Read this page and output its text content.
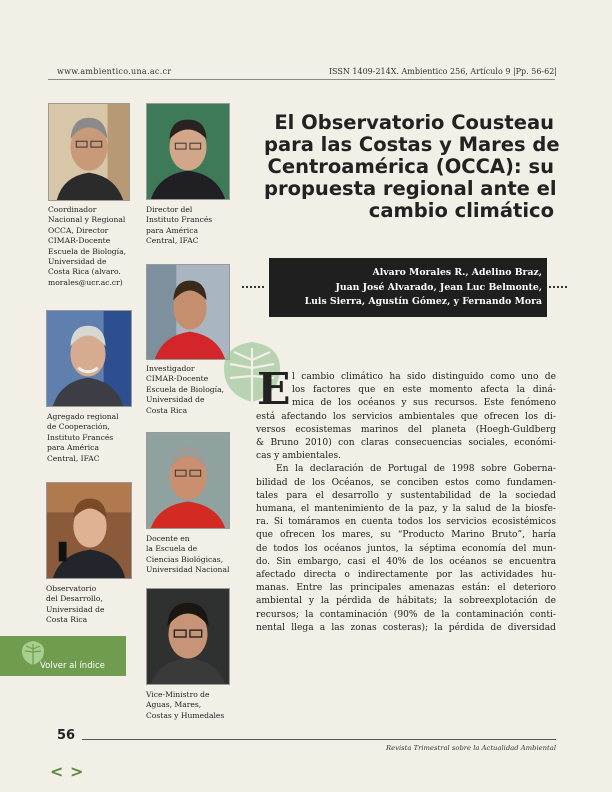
www.ambientico.una.ac.cr	ISSN 1409-214X. Ambientico 256, Artículo 9 |Pp. 56-62|
Coordinador
Nacional y Regional
OCCA, Director
CIMAR-Docente
Escuela de Biología,
Universidad de
Costa Rica (alvaro.
morales@ucr.ac.cr)
Director del
Instituto Francés
para América
Central, IFAC
Investigador
CIMAR-Docente
Escuela de Biología,
Universidad de
Costa Rica
Agregado regional
de Cooperación,
Instituto Francés
para América
Central, IFAC
Docente en
la Escuela de
Ciencias Biológicas,
Universidad Nacional
Observatorio
del Desarrollo,
Universidad de
Costa Rica
Vice-Ministro de
Aguas, Mares,
Costas y Humedales
El Observatorio Cousteau
para las Costas y Mares de
Centroamérica (OCCA): su
propuesta regional ante el
cambio climático
Alvaro Morales R., Adelino Braz,
Juan José Alvarado, Jean Luc Belmonte,
Luis Sierra, Agustín Gómez, y Fernando Mora
E l cambio climático ha sido distinguido como uno de
los factores que en este momento afecta la diná-
mica de los océanos y sus recursos. Este fenómeno
está afectando los servicios ambientales que ofrecen los di-
versos ecosistemas marinos del planeta (Hoegh-Guldberg
& Bruno 2010) con claras consecuencias sociales, económi-
cas y ambientales.
En la declaración de Portugal de 1998 sobre Goberna-
bilidad de los Océanos, se conciben estos como fundamen-
tales para el desarrollo y sustentabilidad de la sociedad
humana, el mantenimiento de la paz, y la salud de la biosfe-
ra. Si tomáramos en cuenta todos los servicios ecosistémicos
que ofrecen los mares, su “Producto Marino Bruto”, haría
de todos los océanos juntos, la séptima economía del mun-
do. Sin embargo, casi el 40% de los océanos se encuentra
afectado directa o indirectamente por las actividades hu-
manas. Entre las principales amenazas están: el deterioro
ambiental y la pérdida de hábitats; la sobreexplotación de
recursos; la contaminación (90% de la contaminación conti-
nental llega a las zonas costeras); la pérdida de diversidad
Volver al índice
56
Revista Trimestral sobre la Actualidad Ambiental
< >
